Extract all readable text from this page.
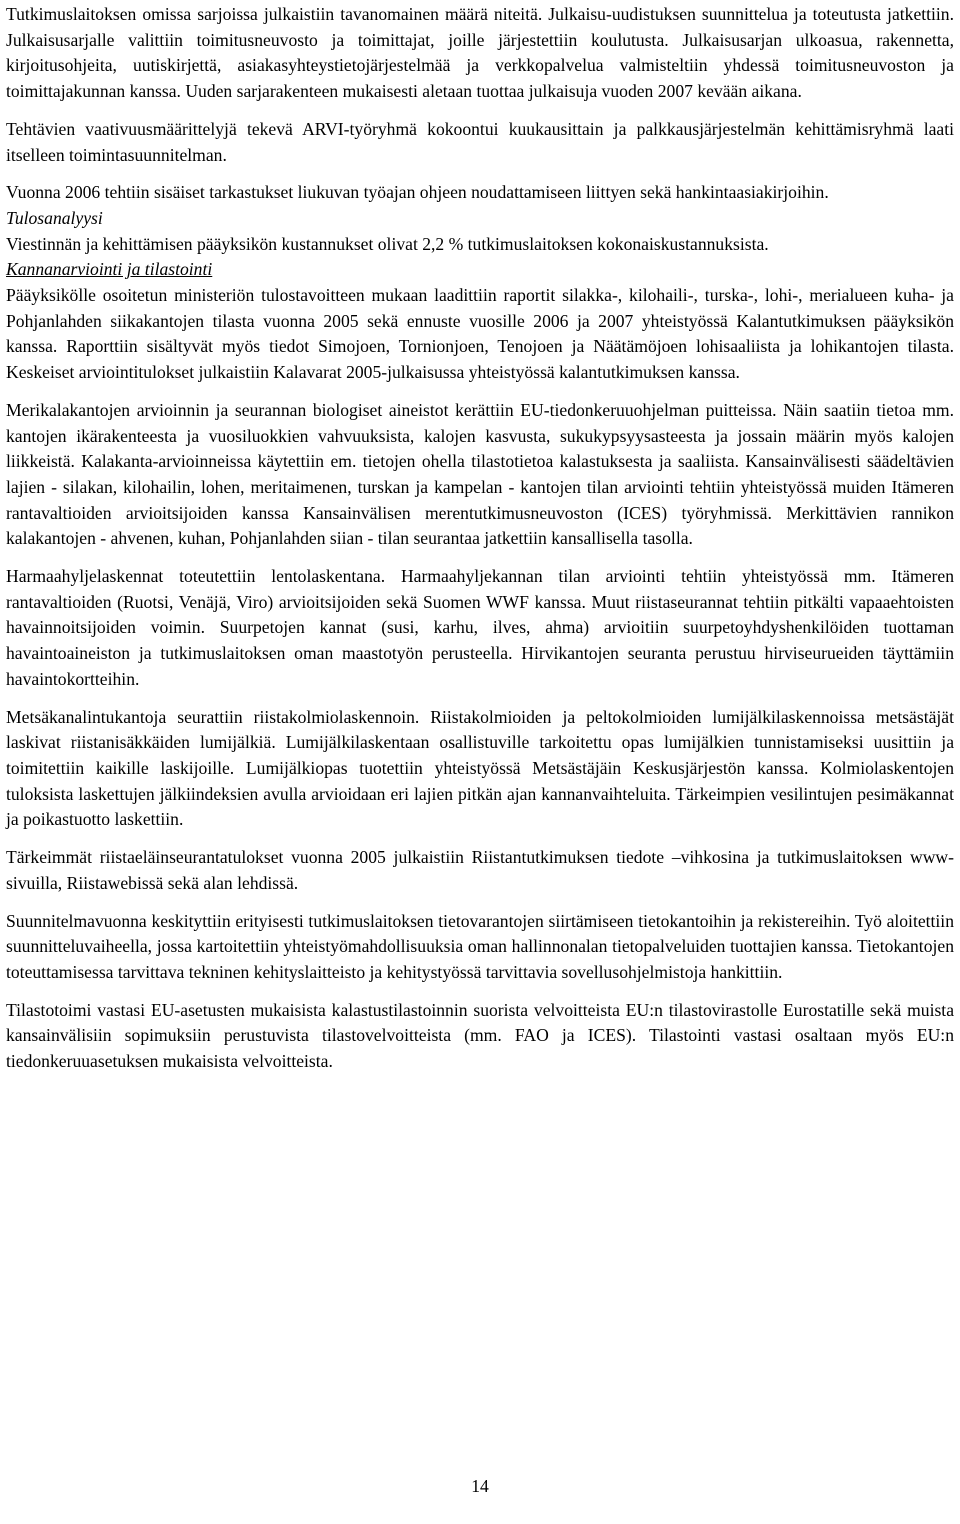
Tutkimuslaitoksen omissa sarjoissa julkaistiin tavanomainen määrä niteitä. Julkaisu-uudistuksen suunnittelua ja toteutusta jatkettiin. Julkaisusarjalle valittiin toimitusneuvosto ja toimittajat, joille järjestettiin koulutusta. Julkaisusarjan ulkoasua, rakennetta, kirjoitusohjeita, uutiskirjettä, asiakasyhteystietojärjestelmää ja verkkopalvelua valmisteltiin yhdessä toimitusneuvoston ja toimittajakunnan kanssa. Uuden sarjarakenteen mukaisesti aletaan tuottaa julkaisuja vuoden 2007 kevään aikana.

Tehtävien vaativuusmäärittelyjä tekevä ARVI-työryhmä kokoontui kuukausittain ja palkkausjärjestelmän kehittämisryhmä laati itselleen toimintasuunnitelman.

Vuonna 2006 tehtiin sisäiset tarkastukset liukuvan työajan ohjeen noudattamiseen liittyen sekä hankintaasiakirjoihin.

Tulosanalyysi

Viestinnän ja kehittämisen pääyksikön kustannukset olivat 2,2 % tutkimuslaitoksen kokonaiskustannuksista.

Kannanarviointi ja tilastointi

Pääyksikölle osoitetun ministeriön tulostavoitteen mukaan laadittiin raportit silakka-, kilohaili-, turska-, lohi-, merialueen kuha- ja Pohjanlahden siikakantojen tilasta vuonna 2005 sekä ennuste vuosille 2006 ja 2007 yhteistyössä Kalantutkimuksen pääyksikön kanssa. Raporttiin sisältyvät myös tiedot Simojoen, Tornionjoen, Tenojoen ja Näätämöjoen lohisaaliista ja lohikantojen tilasta. Keskeiset arviointitulokset julkaistiin Kalavarat 2005-julkaisussa yhteistyössä kalantutkimuksen kanssa.

Merikalakantojen arvioinnin ja seurannan biologiset aineistot kerättiin EU-tiedonkeruuohjelman puitteissa. Näin saatiin tietoa mm. kantojen ikärakenteesta ja vuosiluokkien vahvuuksista, kalojen kasvusta, sukukypsyysasteesta ja jossain määrin myös kalojen liikkeistä. Kalakanta-arvioinneissa käytettiin em. tietojen ohella tilastotietoa kalastuksesta ja saaliista. Kansainvälisesti säädeltävien lajien - silakan, kilohailin, lohen, meritaimenen, turskan ja kampelan - kantojen tilan arviointi tehtiin yhteistyössä muiden Itämeren rantavaltioiden arvioitsijoiden kanssa Kansainvälisen merentutkimusneuvoston (ICES) työryhmissä. Merkittävien rannikon kalakantojen - ahvenen, kuhan, Pohjanlahden siian - tilan seurantaa jatkettiin kansallisella tasolla.

Harmaahyljelaskennat toteutettiin lentolaskentana. Harmaahyljekannan tilan arviointi tehtiin yhteistyössä mm. Itämeren rantavaltioiden (Ruotsi, Venäjä, Viro) arvioitsijoiden sekä Suomen WWF kanssa. Muut riistaseurannat tehtiin pitkälti vapaaehtoisten havainnoitsijoiden voimin. Suurpetojen kannat (susi, karhu, ilves, ahma) arvioitiin suurpetoyhdyshenkilöiden tuottaman havaintoaineiston ja tutkimuslaitoksen oman maastotyön perusteella. Hirvikantojen seuranta perustuu hirviseurueiden täyttämiin havaintokortteihin.

Metsäkanalintukantoja seurattiin riistakolmiolaskennoin. Riistakolmioiden ja peltokolmioiden lumijälkilaskennoissa metsästäjät laskivat riistanisäkkäiden lumijälkiä. Lumijälkilaskentaan osallistuville tarkoitettu opas lumijälkien tunnistamiseksi uusittiin ja toimitettiin kaikille laskijoille. Lumijälkiopas tuotettiin yhteistyössä Metsästäjäin Keskusjärjestön kanssa. Kolmiolaskentojen tuloksista laskettujen jälkiindeksien avulla arvioidaan eri lajien pitkän ajan kannanvaihteluita. Tärkeimpien vesilintujen pesimäkannat ja poikastuotto laskettiin.

Tärkeimmät riistaeläinseurantatulokset vuonna 2005 julkaistiin Riistantutkimuksen tiedote –vihkosina ja tutkimuslaitoksen www-sivuilla, Riistawebissä sekä alan lehdissä.

Suunnitelmavuonna keskityttiin erityisesti tutkimuslaitoksen tietovarantojen siirtämiseen tietokantoihin ja rekistereihin. Työ aloitettiin suunnitteluvaiheella, jossa kartoitettiin yhteistyömahdollisuuksia oman hallinnonalan tietopalveluiden tuottajien kanssa. Tietokantojen toteuttamisessa tarvittava tekninen kehityslaitteisto ja kehitystyössä tarvittavia sovellusohjelmistoja hankittiin.

Tilastotoimi vastasi EU-asetusten mukaisista kalastustilastoinnin suorista velvoitteista EU:n tilastovirastolle Eurostatille sekä muista kansainvälisiin sopimuksiin perustuvista tilastovelvoitteista (mm. FAO ja ICES). Tilastointi vastasi osaltaan myös EU:n tiedonkeruuasetuksen mukaisista velvoitteista.

14
